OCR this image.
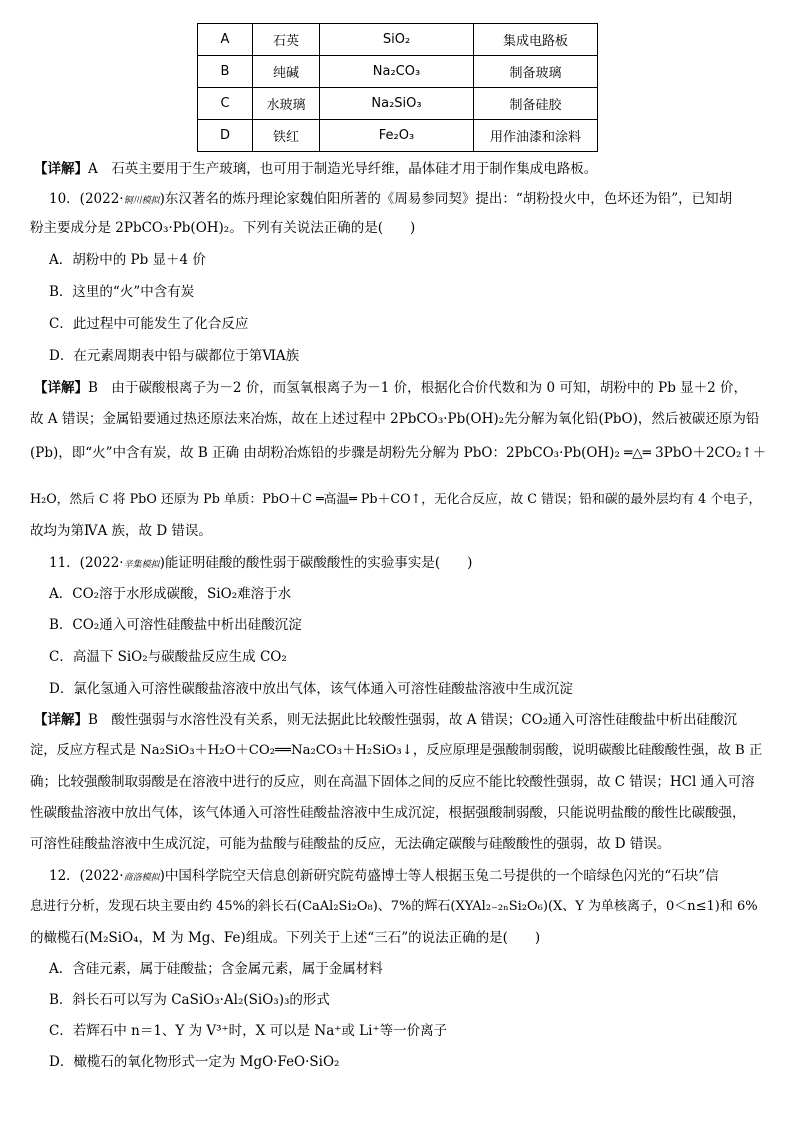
A	石英	SiO₂	集成电路板
B	纯碱	Na₂CO₃	制备玻璃
C	水玻璃	Na₂SiO₃	制备硅胶
D	铁红	Fe₂O₃	用作油漆和涂料
【详解】A　石英主要用于生产玻璃，也可用于制造光导纤维，晶体硅才用于制作集成电路板。
10．(2022·铜川模拟)东汉著名的炼丹理论家魏伯阳所著的《周易参同契》提出：“胡粉投火中，色坏还为铅”，已知胡
粉主要成分是 2PbCO₃·Pb(OH)₂。下列有关说法正确的是(　　)
A．胡粉中的 Pb 显＋4 价
B．这里的“火”中含有炭
C．此过程中可能发生了化合反应
D．在元素周期表中铅与碳都位于第ⅥA族
【详解】B　由于碳酸根离子为－2 价，而氢氧根离子为－1 价，根据化合价代数和为 0 可知，胡粉中的 Pb 显＋2 价，
故 A 错误；金属铅要通过热还原法来冶炼，故在上述过程中 2PbCO₃·Pb(OH)₂先分解为氧化铅(PbO)，然后被碳还原为铅
(Pb)，即“火”中含有炭，故 B 正确 由胡粉冶炼铅的步骤是胡粉先分解为 PbO：2PbCO₃·Pb(OH)₂ ═△═ 3PbO＋2CO₂↑＋
H₂O，然后 C 将 PbO 还原为 Pb 单质：PbO＋C ═高温═ Pb＋CO↑，无化合反应，故 C 错误；铅和碳的最外层均有 4 个电子，
故均为第ⅣA 族，故 D 错误。
11．(2022·辛集模拟)能证明硅酸的酸性弱于碳酸酸性的实验事实是(　　)
A．CO₂溶于水形成碳酸，SiO₂难溶于水
B．CO₂通入可溶性硅酸盐中析出硅酸沉淀
C．高温下 SiO₂与碳酸盐反应生成 CO₂
D．氯化氢通入可溶性碳酸盐溶液中放出气体，该气体通入可溶性硅酸盐溶液中生成沉淀
【详解】B　酸性强弱与水溶性没有关系，则无法据此比较酸性强弱，故 A 错误；CO₂通入可溶性硅酸盐中析出硅酸沉
淀，反应方程式是 Na₂SiO₃＋H₂O＋CO₂══Na₂CO₃＋H₂SiO₃↓，反应原理是强酸制弱酸，说明碳酸比硅酸酸性强，故 B 正
确；比较强酸制取弱酸是在溶液中进行的反应，则在高温下固体之间的反应不能比较酸性强弱，故 C 错误；HCl 通入可溶
性碳酸盐溶液中放出气体，该气体通入可溶性硅酸盐溶液中生成沉淀，根据强酸制弱酸，只能说明盐酸的酸性比碳酸强，
可溶性硅酸盐溶液中生成沉淀，可能为盐酸与硅酸盐的反应，无法确定碳酸与硅酸酸性的强弱，故 D 错误。
12．(2022·商洛模拟)中国科学院空天信息创新研究院苟盛博士等人根据玉兔二号提供的一个暗绿色闪光的“石块”信
息进行分析，发现石块主要由约 45%的斜长石(CaAl₂Si₂O₈)、7%的辉石(XYAl₂₋₂ₙSi₂O₆)(X、Y 为单核离子，0＜n≤1)和 6%
的橄榄石(M₂SiO₄，M 为 Mg、Fe)组成。下列关于上述“三石”的说法正确的是(　　)
A．含硅元素，属于硅酸盐；含金属元素，属于金属材料
B．斜长石可以写为 CaSiO₃·Al₂(SiO₃)₃的形式
C．若辉石中 n＝1、Y 为 V³⁺时，X 可以是 Na⁺或 Li⁺等一价离子
D．橄榄石的氧化物形式一定为 MgO·FeO·SiO₂
